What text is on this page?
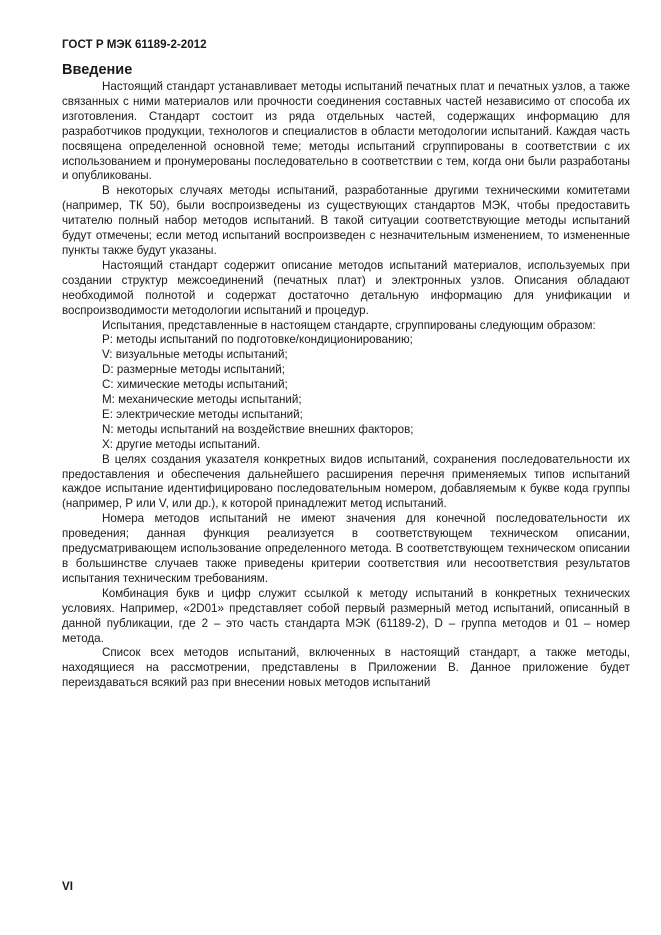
ГОСТ Р МЭК 61189-2-2012
Введение

Настоящий стандарт устанавливает методы испытаний печатных плат и печатных узлов, а также связанных с ними материалов или прочности соединения составных частей независимо от способа их изготовления. Стандарт состоит из ряда отдельных частей, содержащих информацию для разработчиков продукции, технологов и специалистов в области методологии испытаний. Каждая часть посвящена определенной основной теме; методы испытаний сгруппированы в соответствии с их использованием и пронумерованы последовательно в соответствии с тем, когда они были разработаны и опубликованы.

В некоторых случаях методы испытаний, разработанные другими техническими комитетами (например, ТК 50), были воспроизведены из существующих стандартов МЭК, чтобы предоставить читателю полный набор методов испытаний. В такой ситуации соответствующие методы испытаний будут отмечены; если метод испытаний воспроизведен с незначительным изменением, то измененные пункты также будут указаны.

Настоящий стандарт содержит описание методов испытаний материалов, используемых при создании структур межсоединений (печатных плат) и электронных узлов. Описания обладают необходимой полнотой и содержат достаточно детальную информацию для унификации и воспроизводимости методологии испытаний и процедур.

Испытания, представленные в настоящем стандарте, сгруппированы следующим образом:

P: методы испытаний по подготовке/кондиционированию;
V: визуальные методы испытаний;
D: размерные методы испытаний;
C: химические методы испытаний;
M: механические методы испытаний;
E: электрические методы испытаний;
N: методы испытаний на воздействие внешних факторов;
X: другие методы испытаний.

В целях создания указателя конкретных видов испытаний, сохранения последовательности их предоставления и обеспечения дальнейшего расширения перечня применяемых типов испытаний каждое испытание идентифицировано последовательным номером, добавляемым к букве кода группы (например, P или V, или др.), к которой принадлежит метод испытаний.

Номера методов испытаний не имеют значения для конечной последовательности их проведения; данная функция реализуется в соответствующем техническом описании, предусматривающем использование определенного метода. В соответствующем техническом описании в большинстве случаев также приведены критерии соответствия или несоответствия результатов испытания техническим требованиям.

Комбинация букв и цифр служит ссылкой к методу испытаний в конкретных технических условиях. Например, «2D01» представляет собой первый размерный метод испытаний, описанный в данной публикации, где 2 – это часть стандарта МЭК (61189-2), D – группа методов и 01 – номер метода.

Список всех методов испытаний, включенных в настоящий стандарт, а также методы, находящиеся на рассмотрении, представлены в Приложении B. Данное приложение будет переиздаваться всякий раз при внесении новых методов испытаний

VI
